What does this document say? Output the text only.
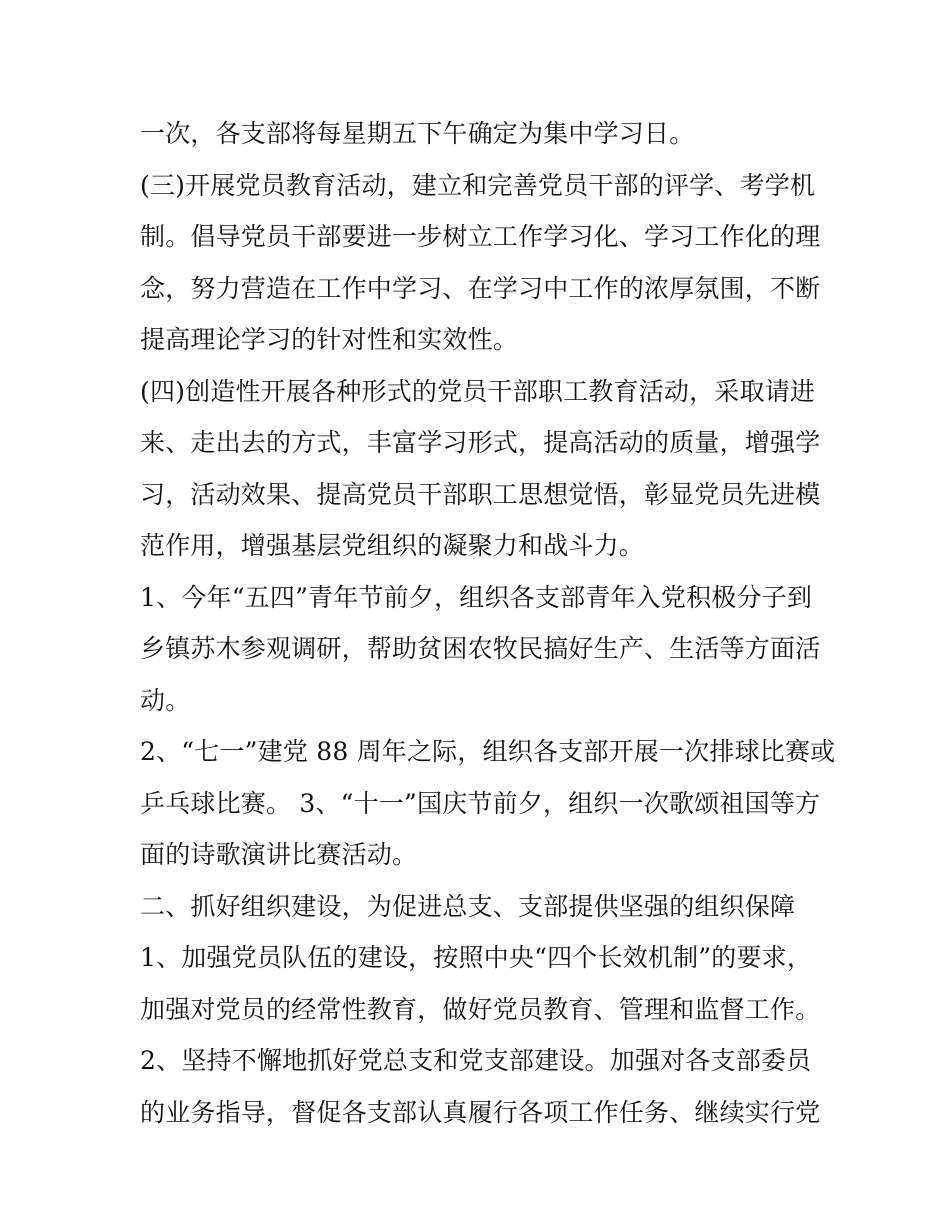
一次，各支部将每星期五下午确定为集中学习日。
(三)开展党员教育活动，建立和完善党员干部的评学、考学机
制。倡导党员干部要进一步树立工作学习化、学习工作化的理
念，努力营造在工作中学习、在学习中工作的浓厚氛围，不断
提高理论学习的针对性和实效性。
(四)创造性开展各种形式的党员干部职工教育活动，采取请进
来、走出去的方式，丰富学习形式，提高活动的质量，增强学
习，活动效果、提高党员干部职工思想觉悟，彰显党员先进模
范作用，增强基层党组织的凝聚力和战斗力。
1、今年“五四”青年节前夕，组织各支部青年入党积极分子到
乡镇苏木参观调研，帮助贫困农牧民搞好生产、生活等方面活
动。
2、“七一”建党 88 周年之际，组织各支部开展一次排球比赛或
乒乓球比赛。 3、“十一”国庆节前夕，组织一次歌颂祖国等方
面的诗歌演讲比赛活动。
二、抓好组织建设，为促进总支、支部提供坚强的组织保障
1、加强党员队伍的建设，按照中央“四个长效机制”的要求，
加强对党员的经常性教育，做好党员教育、管理和监督工作。
2、坚持不懈地抓好党总支和党支部建设。加强对各支部委员
的业务指导，督促各支部认真履行各项工作任务、继续实行党
